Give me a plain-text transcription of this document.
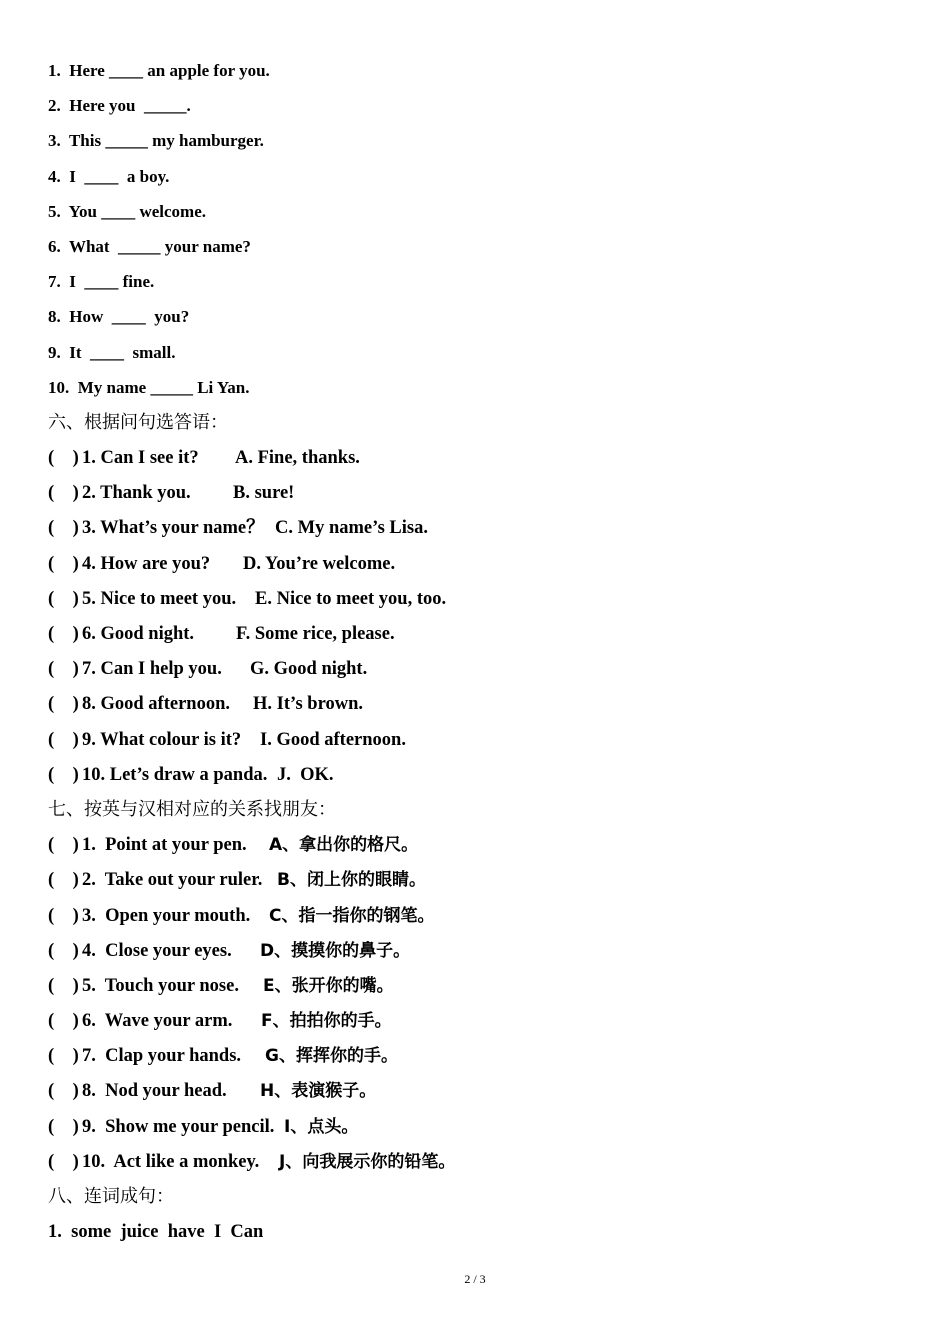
1.  Here ____ an apple for you.
2.  Here you  _____.
3.  This _____ my hamburger.
4.  I  ____  a boy.
5.  You ____ welcome.
6.  What  _____ your name?
7.  I  ____ fine.
8.  How  ____  you?
9.  It  ____  small.
10.  My name _____ Li Yan.
六、根据问句选答语：
(    ) 1. Can I see it? A. Fine, thanks.
(    ) 2. Thank you. B. sure!
(    ) 3. What’s your name？ C. My name’s Lisa.
(    ) 4. How are you? D. You’re welcome.
(    ) 5. Nice to meet you. E. Nice to meet you, too.
(    ) 6. Good night. F. Some rice, please.
(    ) 7. Can I help you. G. Good night.
(    ) 8. Good afternoon. H. It’s brown.
(    ) 9. What colour is it? I. Good afternoon.
(    ) 10. Let’s draw a panda. J.  OK.
七、按英与汉相对应的关系找朋友：
(    ) 1.  Point at your pen. A、拿出你的格尺。
(    ) 2.  Take out your ruler. B、闭上你的眼睛。
(    ) 3.  Open your mouth. C、指一指你的钢笔。
(    ) 4.  Close your eyes. D、摸摸你的鼻子。
(    ) 5.  Touch your nose. E、张开你的嘴。
(    ) 6.  Wave your arm. F、拍拍你的手。
(    ) 7.  Clap your hands. G、挥挥你的手。
(    ) 8.  Nod your head. H、表演猴子。
(    ) 9.  Show me your pencil. I、点头。
(    ) 10.  Act like a monkey. J、向我展示你的铅笔。
八、连词成句：
1.  some  juice  have  I  Can
2 / 3
